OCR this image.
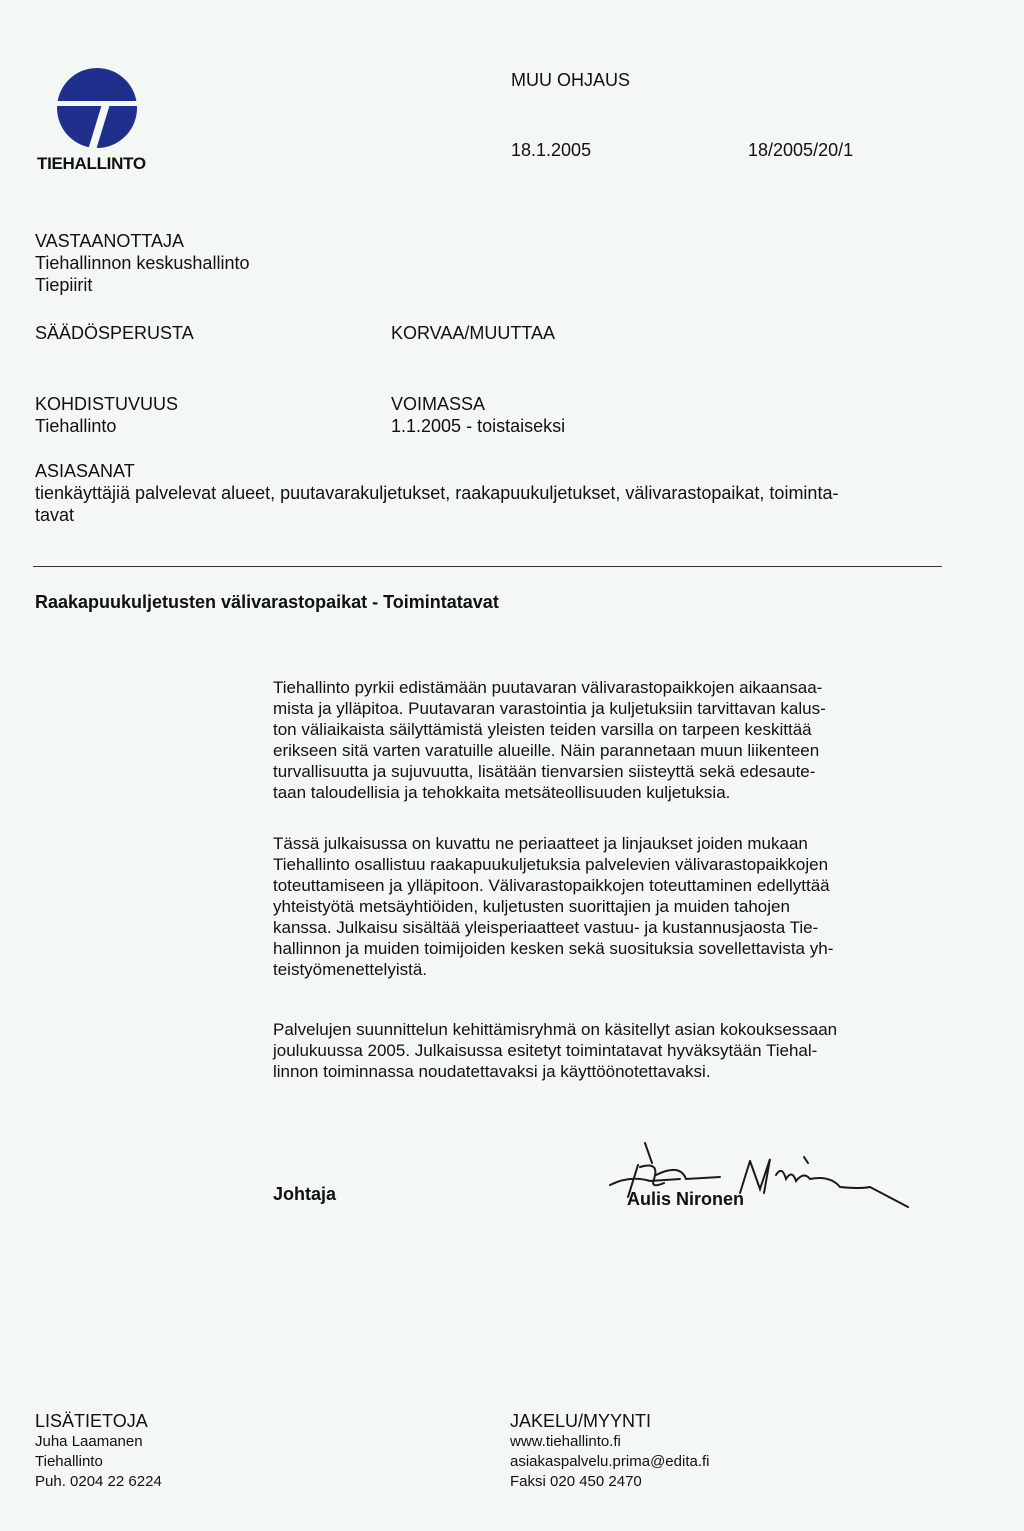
TIEHALLINTO
MUU OHJAUS
18.1.2005	18/2005/20/1
VASTAANOTTAJA
Tiehallinnon keskushallinto
Tiepiirit
SÄÄDÖSPERUSTA	KORVAA/MUUTTAA
KOHDISTUVUUS
Tiehallinto
VOIMASSA
1.1.2005 - toistaiseksi
ASIASANAT
tienkäyttäjiä palvelevat alueet, puutavarakuljetukset, raakapuukuljetukset, välivarastopaikat, toiminta-
tavat
Raakapuukuljetusten välivarastopaikat - Toimintatavat
Tiehallinto pyrkii edistämään puutavaran välivarastopaikkojen aikaansaa-
mista ja ylläpitoa. Puutavaran varastointia ja kuljetuksiin tarvittavan kalus-
ton väliaikaista säilyttämistä yleisten teiden varsilla on tarpeen keskittää
erikseen sitä varten varatuille alueille. Näin parannetaan muun liikenteen
turvallisuutta ja sujuvuutta, lisätään tienvarsien siisteyttä sekä edesaute-
taan taloudellisia ja tehokkaita metsäteollisuuden kuljetuksia.
Tässä julkaisussa on kuvattu ne periaatteet ja linjaukset joiden mukaan
Tiehallinto osallistuu raakapuukuljetuksia palvelevien välivarastopaikkojen
toteuttamiseen ja ylläpitoon. Välivarastopaikkojen toteuttaminen edellyttää
yhteistyötä metsäyhtiöiden, kuljetusten suorittajien ja muiden tahojen
kanssa. Julkaisu sisältää yleisperiaatteet vastuu- ja kustannusjaosta Tie-
hallinnon ja muiden toimijoiden kesken sekä suosituksia sovellettavista yh-
teistyömenettelyistä.
Palvelujen suunnittelun kehittämisryhmä on käsitellyt asian kokouksessaan
joulukuussa 2005. Julkaisussa esitetyt toimintatavat hyväksytään Tiehal-
linnon toiminnassa noudatettavaksi ja käyttöönotettavaksi.
Johtaja	Aulis Nironen
LISÄTIETOJA
Juha Laamanen
Tiehallinto
Puh. 0204 22 6224
JAKELU/MYYNTI
www.tiehallinto.fi
asiakaspalvelu.prima@edita.fi
Faksi 020 450 2470
